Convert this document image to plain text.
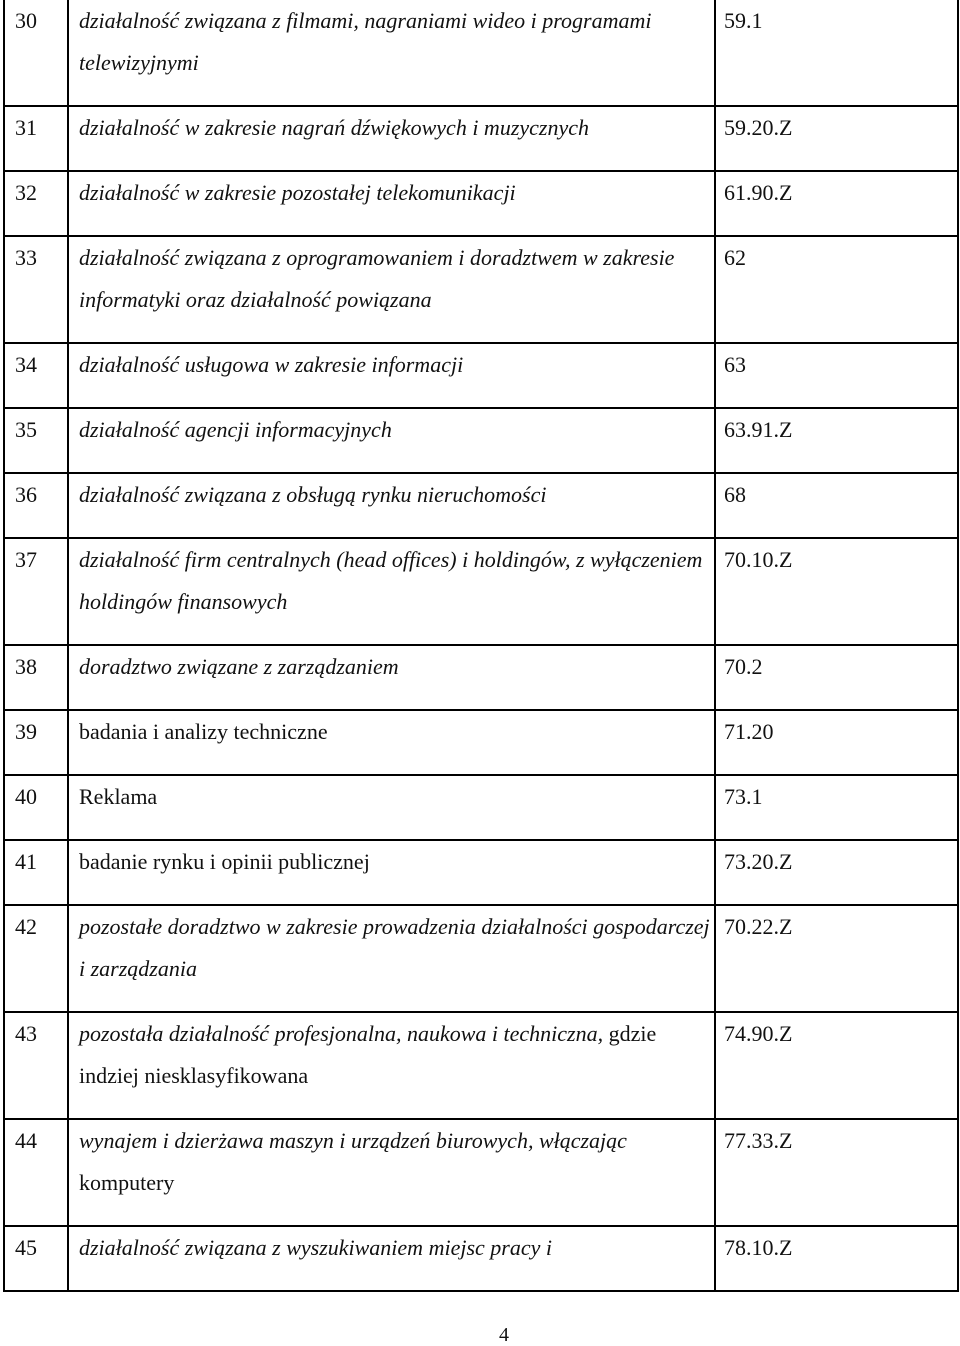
30	działalność związana z filmami, nagraniami wideo i programami telewizyjnymi	59.1
31	działalność w zakresie nagrań dźwiękowych i muzycznych	59.20.Z
32	działalność w zakresie pozostałej telekomunikacji	61.90.Z
33	działalność związana z oprogramowaniem i doradztwem w zakresie informatyki oraz działalność powiązana	62
34	działalność usługowa w zakresie informacji	63
35	działalność agencji informacyjnych	63.91.Z
36	działalność związana z obsługą rynku nieruchomości	68
37	działalność firm centralnych (head offices) i holdingów, z wyłączeniem holdingów finansowych	70.10.Z
38	doradztwo związane z zarządzaniem	70.2
39	badania i analizy techniczne	71.20
40	Reklama	73.1
41	badanie rynku i opinii publicznej	73.20.Z
42	pozostałe doradztwo w zakresie prowadzenia działalności gospodarczej i zarządzania	70.22.Z
43	pozostała działalność profesjonalna, naukowa i techniczna, gdzie indziej niesklasyfikowana	74.90.Z
44	wynajem i dzierżawa maszyn i urządzeń biurowych, włączając komputery	77.33.Z
45	działalność związana z wyszukiwaniem miejsc pracy i	78.10.Z
4
